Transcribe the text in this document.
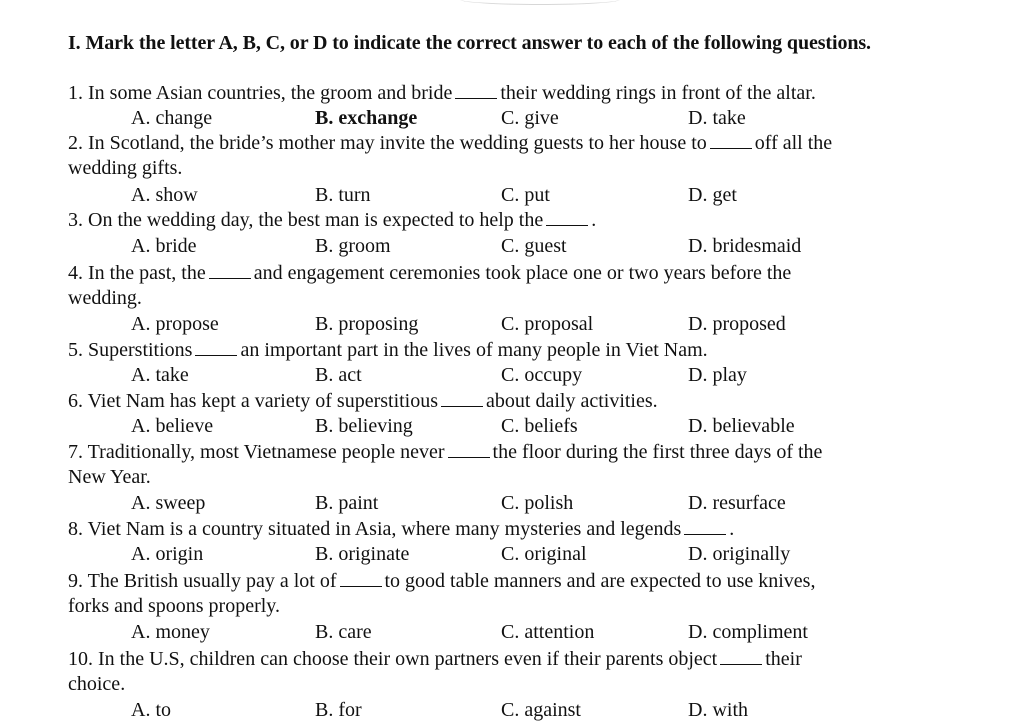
I. Mark the letter A, B, C, or D to indicate the correct answer to each of the following questions.
1. In some Asian countries, the groom and bride their wedding rings in front of the altar.
A. change	B. exchange	C. give	D. take
2. In Scotland, the bride’s mother may invite the wedding guests to her house to off all the
wedding gifts.
A. show	B. turn	C. put	D. get
3. On the wedding day, the best man is expected to help the .
A. bride	B. groom	C. guest	D. bridesmaid
4. In the past, the and engagement ceremonies took place one or two years before the
wedding.
A. propose	B. proposing	C. proposal	D. proposed
5. Superstitions an important part in the lives of many people in Viet Nam.
A. take	B. act	C. occupy	D. play
6. Viet Nam has kept a variety of superstitious about daily activities.
A. believe	B. believing	C. beliefs	D. believable
7. Traditionally, most Vietnamese people never the floor during the first three days of the
New Year.
A. sweep	B. paint	C. polish	D. resurface
8. Viet Nam is a country situated in Asia, where many mysteries and legends .
A. origin	B. originate	C. original	D. originally
9. The British usually pay a lot of to good table manners and are expected to use knives,
forks and spoons properly.
A. money	B. care	C. attention	D. compliment
10. In the U.S, children can choose their own partners even if their parents object their
choice.
A. to	B. for	C. against	D. with
